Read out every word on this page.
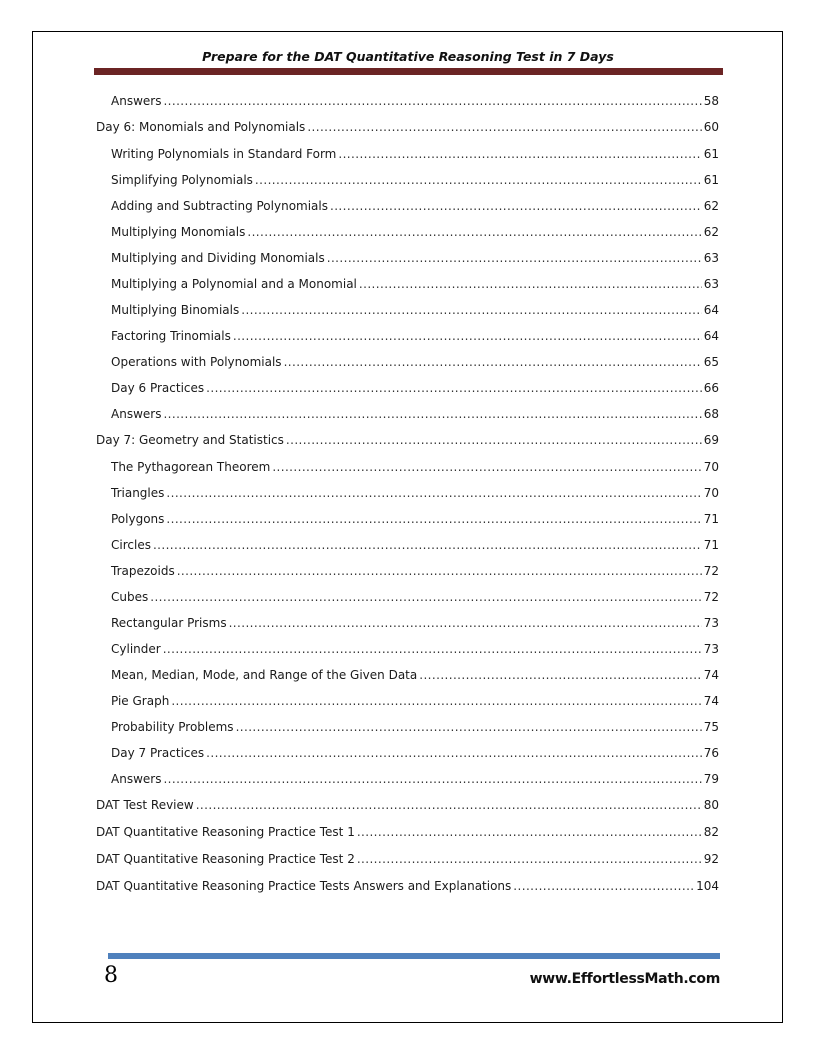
Prepare for the DAT Quantitative Reasoning Test in 7 Days
Answers .....	58
Day 6: Monomials and Polynomials .....	60
Writing Polynomials in Standard Form .....	61
Simplifying Polynomials .....	61
Adding and Subtracting Polynomials .....	62
Multiplying Monomials .....	62
Multiplying and Dividing Monomials .....	63
Multiplying a Polynomial and a Monomial .....	63
Multiplying Binomials .....	64
Factoring Trinomials .....	64
Operations with Polynomials .....	65
Day 6 Practices .....	66
Answers .....	68
Day 7: Geometry and Statistics .....	69
The Pythagorean Theorem .....	70
Triangles .....	70
Polygons .....	71
Circles .....	71
Trapezoids .....	72
Cubes .....	72
Rectangular Prisms .....	73
Cylinder .....	73
Mean, Median, Mode, and Range of the Given Data .....	74
Pie Graph .....	74
Probability Problems .....	75
Day 7 Practices .....	76
Answers .....	79
DAT Test Review .....	80
DAT Quantitative Reasoning Practice Test 1 .....	82
DAT Quantitative Reasoning Practice Test 2 .....	92
DAT Quantitative Reasoning Practice Tests Answers and Explanations .....	104
8	www.EffortlessMath.com
